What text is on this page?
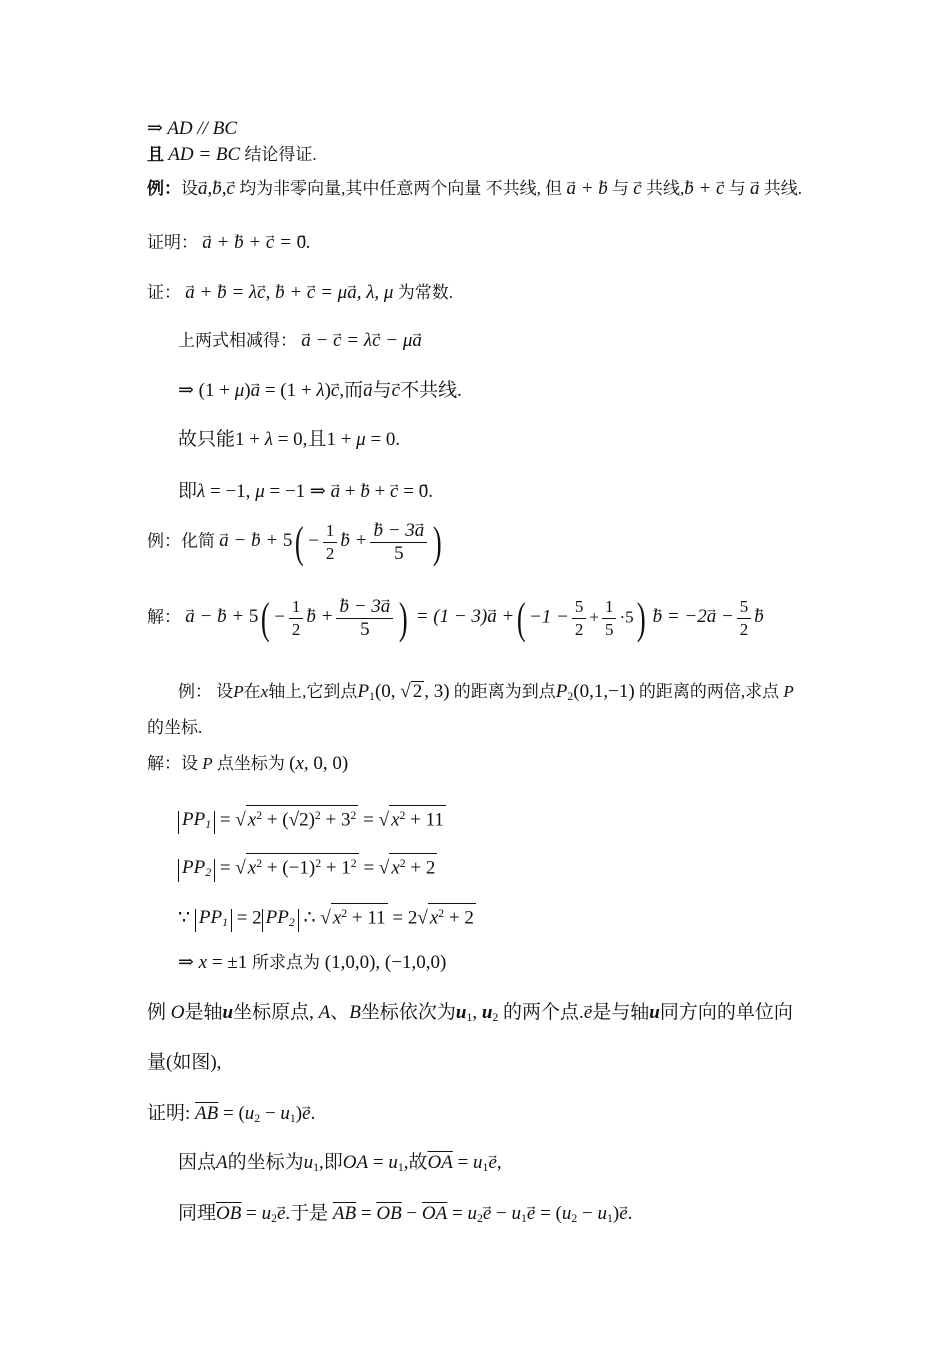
⇒ AD // BC
且 AD = BC 结论得证.
例：设→ a,→ b,→ c 均为非零向量,其中任意两个向量 不共线, 但 → a + → b 与 → c 共线,→ b + → c 与 → a 共线.
证明： → a + → b + → c = → 0.
证： → a + → b = λ→ c, → b + → c = μ→ a, λ, μ 为常数.
上两式相减得： → a − → c = λ→ c − μ→ a
⇒ (1 + μ)→ a = (1 + λ)→ c,而→ a与→ c不共线.
故只能1 + λ = 0,且1 + μ = 0.
即λ = −1, μ = −1 ⇒ → a + → b + → c = → 0.
例：化简 → a − → $b + 5( - \frac{1}{2} \to b$ + → $\frac{b - 3\to a}{5}$ )
解： → a − → $b + 5( - \frac{1}{2} \to b$ + → $\frac{b - 3\to a}{5}$ ) = (1 − 3)→ a +( $-1 - \frac{5}{2} + \frac{1}{5} \cdot 5) \to b = -2\to a - \frac{5}{2} \to b$
例： 设P在x轴上,它到点$P_1(0$, √ 2 , 3) 的距离为到点$P_2(0,1,-1)$ 的距离的两倍,求点 P
的坐标.
解：设 P 点坐标为 (x, 0, 0)
$PP_1$ = √ $x^2 + (√2)^2 + 3^2$ = √ $x^2 + 11$
$PP_2$ = √ $x^2 + (-1)^2 + 1^2$ = √ $x^2 + 2$
∵ $PP_1 = 2$ $PP_2$ ∴ √ $x^2 + 11 = 2√$ $x^2 + 2$
⇒ x = ±1 所求点为 (1,0,0), (−1,0,0)
例 O是轴u坐标原点, A、B坐标依次为$u_1$, $u_2$ 的两个点.→ e是与轴u同方向的单位向
量(如图),
证明: $\overline{AB} = (u_2 - u_1)\to e$.
因点A的坐标为$u_1$,即OA = $u_1$,故$\overline{OA} = u_1\to e$,
同理$\overline{OB} = u_2\to e$.于是 $\overline{AB} = \overline{OB} - \overline{OA} = u_2\to e - u_1\to e = (u_2 - u_1)\to e$.
